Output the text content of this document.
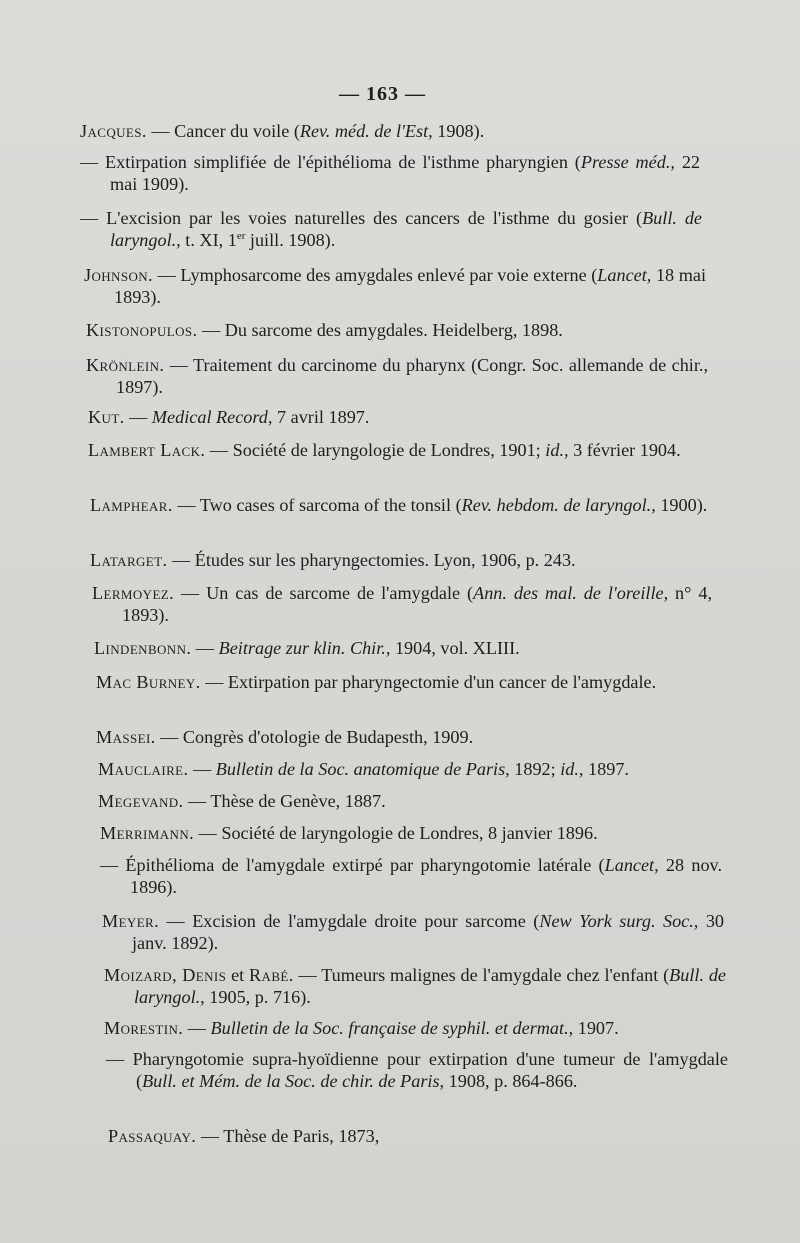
— 163 —
Jacques. — Cancer du voile (Rev. méd. de l'Est, 1908).
— Extirpation simplifiée de l'épithélioma de l'isthme pharyngien (Presse méd., 22 mai 1909).
— L'excision par les voies naturelles des cancers de l'isthme du gosier (Bull. de laryngol., t. XI, 1er juill. 1908).
Johnson. — Lymphosarcome des amygdales enlevé par voie externe (Lancet, 18 mai 1893).
Kistonopulos. — Du sarcome des amygdales. Heidelberg, 1898.
Krönlein. — Traitement du carcinome du pharynx (Congr. Soc. allemande de chir., 1897).
Kut. — Medical Record, 7 avril 1897.
Lambert Lack. — Société de laryngologie de Londres, 1901; id., 3 février 1904.
Lamphear. — Two cases of sarcoma of the tonsil (Rev. hebdom. de laryngol., 1900).
Latarget. — Études sur les pharyngectomies. Lyon, 1906, p. 243.
Lermoyez. — Un cas de sarcome de l'amygdale (Ann. des mal. de l'oreille, n° 4, 1893).
Lindenbonn. — Beitrage zur klin. Chir., 1904, vol. XLIII.
Mac Burney. — Extirpation par pharyngectomie d'un cancer de l'amygdale.
Massei. — Congrès d'otologie de Budapesth, 1909.
Mauclaire. — Bulletin de la Soc. anatomique de Paris, 1892; id., 1897.
Megevand. — Thèse de Genève, 1887.
Merrimann. — Société de laryngologie de Londres, 8 janvier 1896.
— Épithélioma de l'amygdale extirpé par pharyngotomie latérale (Lancet, 28 nov. 1896).
Meyer. — Excision de l'amygdale droite pour sarcome (New York surg. Soc., 30 janv. 1892).
Moizard, Denis et Rabé. — Tumeurs malignes de l'amygdale chez l'enfant (Bull. de laryngol., 1905, p. 716).
Morestin. — Bulletin de la Soc. française de syphil. et dermat., 1907.
— Pharyngotomie supra-hyoïdienne pour extirpation d'une tumeur de l'amygdale (Bull. et Mém. de la Soc. de chir. de Paris, 1908, p. 864-866.
Passaquay. — Thèse de Paris, 1873,
